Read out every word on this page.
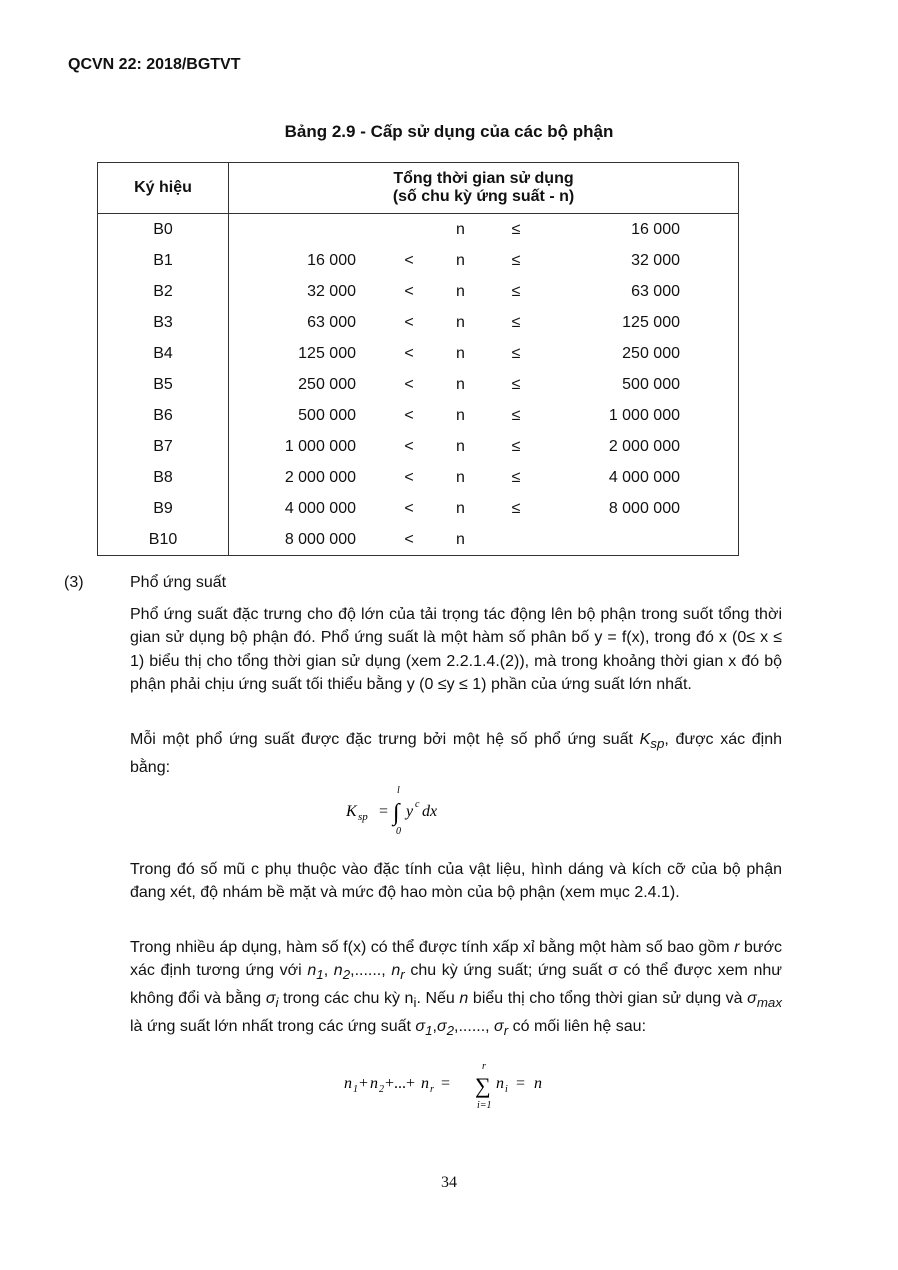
QCVN 22: 2018/BGTVT
Bảng 2.9 - Cấp sử dụng của các bộ phận
Ký hiệu	Tổng thời gian sử dụng
(số chu kỳ ứng suất - n)

B0	n ≤ 16 000

B1	16 000 < n ≤ 32 000

B2	32 000 < n ≤ 63 000

B3	63 000 < n ≤ 125 000

B4	125 000 < n ≤ 250 000

B5	250 000 < n ≤ 500 000

B6	500 000 < n ≤ 1 000 000

B7	1 000 000 < n ≤ 2 000 000

B8	2 000 000 < n ≤ 4 000 000

B9	4 000 000 < n ≤ 8 000 000

B10	8 000 000 < n
(3)	Phổ ứng suất
Phổ ứng suất đặc trưng cho độ lớn của tải trọng tác động lên bộ phận trong suốt tổng thời gian sử dụng bộ phận đó. Phổ ứng suất là một hàm số phân bố y = f(x), trong đó x (0≤ x ≤ 1) biểu thị cho tổng thời gian sử dụng (xem 2.2.1.4.(2)), mà trong khoảng thời gian x đó bộ phận phải chịu ứng suất tối thiểu bằng y (0 ≤y ≤ 1) phần của ứng suất lớn nhất.
Mỗi một phổ ứng suất được đặc trưng bởi một hệ số phổ ứng suất $K_{sp}$, được xác định bằng:
K sp =
l
∫
0
y c dx
Trong đó số mũ c phụ thuộc vào đặc tính của vật liệu, hình dáng và kích cỡ của bộ phận đang xét, độ nhám bề mặt và mức độ hao mòn của bộ phận (xem mục 2.4.1).
Trong nhiều áp dụng, hàm số f(x) có thể được tính xấp xỉ bằng một hàm số bao gồm r bước xác định tương ứng với $n_1$, $n_2$,......, $n_r$ chu kỳ ứng suất; ứng suất σ có thể được xem như không đổi và bằng $\sigma_i$ trong các chu kỳ $n_i$. Nếu n biểu thị cho tổng thời gian sử dụng và $\sigma_{max}$ là ứng suất lớn nhất trong các ứng suất $\sigma_1,\sigma_2$,......, $\sigma_r$ có mối liên hệ sau:
n 1 + n 2 +...+ n r =
r
∑
i=1
n i = n
34
